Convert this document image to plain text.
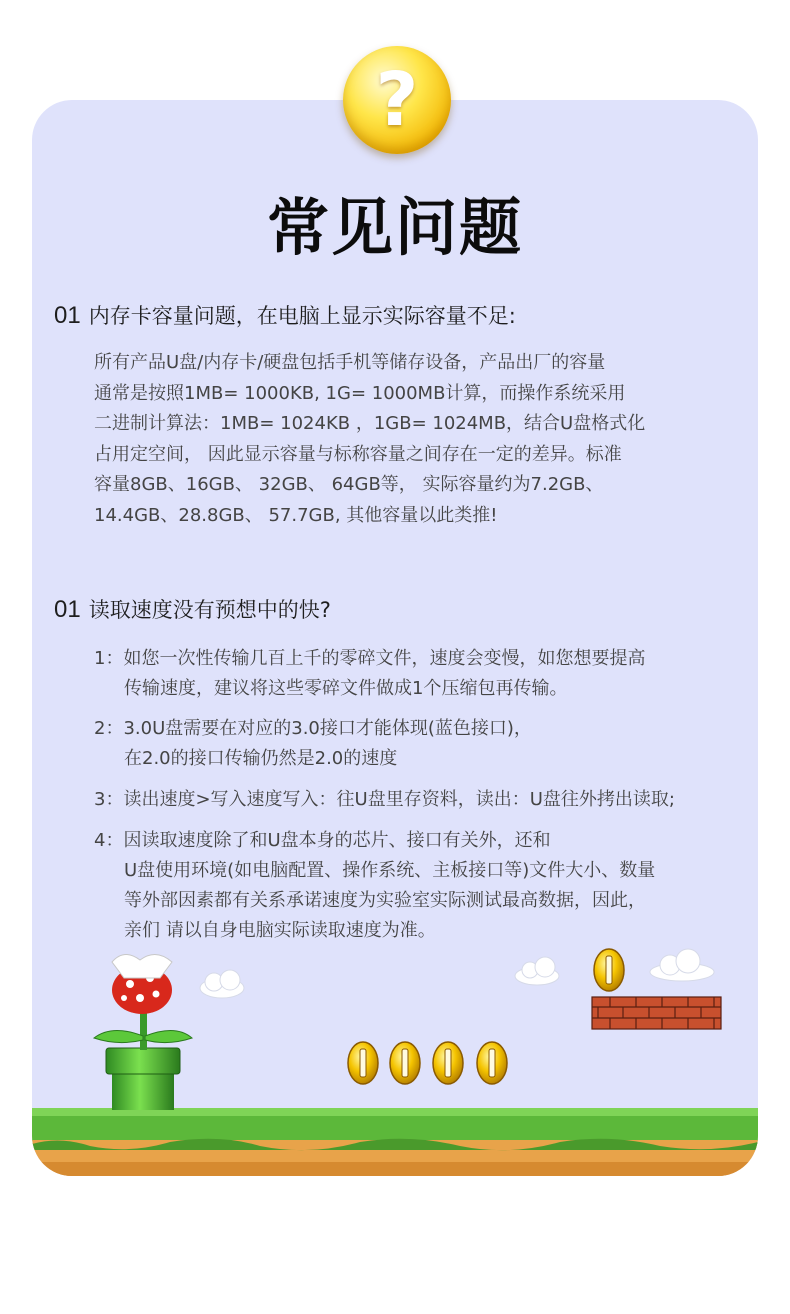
?
常见问题
01 内存卡容量问题，在电脑上显示实际容量不足:
所有产品U盘/内存卡/硬盘包括手机等储存设备，产品出厂的容量
通常是按照1MB= 1000KB, 1G= 1000MB计算，而操作系统采用
二进制计算法：1MB= 1024KB ，1GB= 1024MB，结合U盘格式化
占用定空间， 因此显示容量与标称容量之间存在一定的差异。标准
容量8GB、16GB、 32GB、 64GB等， 实际容量约为7.2GB、
14.4GB、28.8GB、 57.7GB, 其他容量以此类推!
01 读取速度没有预想中的快?
1：如您一次性传输几百上千的零碎文件，速度会变慢，如您想要提高
传输速度，建议将这些零碎文件做成1个压缩包再传输。
2：3.0U盘需要在对应的3.0接口才能体现(蓝色接口)，
在2.0的接口传输仍然是2.0的速度
3：读出速度>写入速度写入：往U盘里存资料，读出：U盘往外拷出读取;
4：因读取速度除了和U盘本身的芯片、接口有关外，还和
U盘使用环境(如电脑配置、操作系统、主板接口等)文件大小、数量
等外部因素都有关系承诺速度为实验室实际测试最高数据，因此，
亲们 请以自身电脑实际读取速度为准。
